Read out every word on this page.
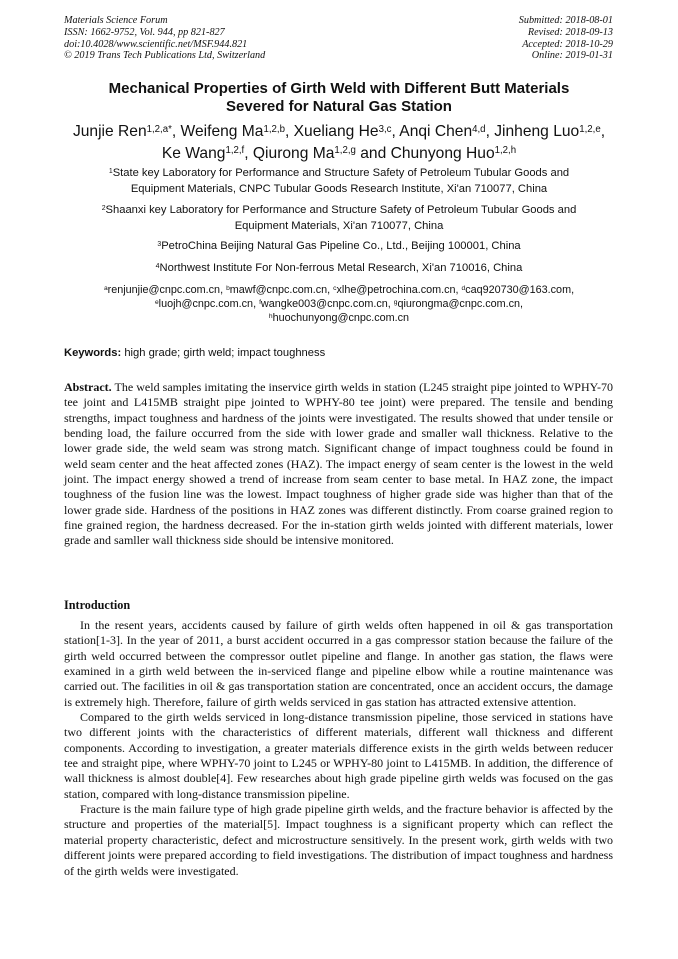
Materials Science Forum
ISSN: 1662-9752, Vol. 944, pp 821-827
doi:10.4028/www.scientific.net/MSF.944.821
© 2019 Trans Tech Publications Ltd, Switzerland
Submitted: 2018-08-01
Revised: 2018-09-13
Accepted: 2018-10-29
Online: 2019-01-31
Mechanical Properties of Girth Weld with Different Butt Materials
Severed for Natural Gas Station
Junjie Ren$^{1,2,a*}$, Weifeng Ma$^{1,2,b}$, Xueliang He$^{3,c}$, Anqi Chen$^{4,d}$, Jinheng Luo$^{1,2,e}$,
Ke Wang$^{1,2,f}$, Qiurong Ma$^{1,2,g}$ and Chunyong Huo$^{1,2,h}$
$^1$State key Laboratory for Performance and Structure Safety of Petroleum Tubular Goods and
Equipment Materials, CNPC Tubular Goods Research Institute, Xi'an 710077, China
$^2$Shaanxi key Laboratory for Performance and Structure Safety of Petroleum Tubular Goods and
Equipment Materials, Xi'an 710077, China
$^3$PetroChina Beijing Natural Gas Pipeline Co., Ltd., Beijing 100001, China
$^4$Northwest Institute For Non-ferrous Metal Research, Xi'an 710016, China
$^a$renjunjie@cnpc.com.cn, $^b$mawf@cnpc.com.cn, $^c$xlhe@petrochina.com.cn, $^d$caq920730@163.com,
$^e$luojh@cnpc.com.cn, $^f$wangke003@cnpc.com.cn, $^g$qiurongma@cnpc.com.cn,
$^h$huochunyong@cnpc.com.cn
Keywords: high grade; girth weld; impact toughness
Abstract. The weld samples imitating the inservice girth welds in station (L245 straight pipe jointed to WPHY-70 tee joint and L415MB straight pipe jointed to WPHY-80 tee joint) were prepared. The tensile and bending strengths, impact toughness and hardness of the joints were investigated. The results showed that under tensile or bending load, the failure occurred from the side with lower grade and smaller wall thickness. Relative to the lower grade side, the weld seam was strong match. Significant change of impact toughness could be found in weld seam center and the heat affected zones (HAZ). The impact energy of seam center is the lowest in the weld joint. The impact energy showed a trend of increase from seam center to base metal. In HAZ zone, the impact toughness of the fusion line was the lowest. Impact toughness of higher grade side was higher than that of the lower grade side. Hardness of the positions in HAZ zones was different distinctly. From coarse grained region to fine grained region, the hardness decreased. For the in-station girth welds jointed with different materials, lower grade and samller wall thickness side should be intensive monitored.
Introduction

In the resent years, accidents caused by failure of girth welds often happened in oil & gas transportation station[1-3]. In the year of 2011, a burst accident occurred in a gas compressor station because the failure of the girth weld occurred between the compressor outlet pipeline and flange. In another gas station, the flaws were examined in a girth weld between the in-serviced flange and pipeline elbow while a routine maintenance was carried out. The facilities in oil & gas transportation station are concentrated, once an accident occurs, the damage is extremely high. Therefore, failure of girth welds serviced in gas station has attracted extensive attention.

Compared to the girth welds serviced in long-distance transmission pipeline, those serviced in stations have two different joints with the characteristics of different materials, different wall thickness and different components. According to investigation, a greater materials difference exists in the girth welds between reducer tee and straight pipe, where WPHY-70 joint to L245 or WPHY-80 joint to L415MB. In addition, the difference of wall thickness is almost double[4]. Few researches about high grade pipeline girth welds was focused on the gas station, compared with long-distance transmission pipeline.

Fracture is the main failure type of high grade pipeline girth welds, and the fracture behavior is affected by the structure and properties of the material[5]. Impact toughness is a significant property which can reflect the material property characteristic, defect and microstructure sensitively. In the present work, girth welds with two different joints were prepared according to field investigations. The distribution of impact toughness and hardness of the girth welds were investigated.
